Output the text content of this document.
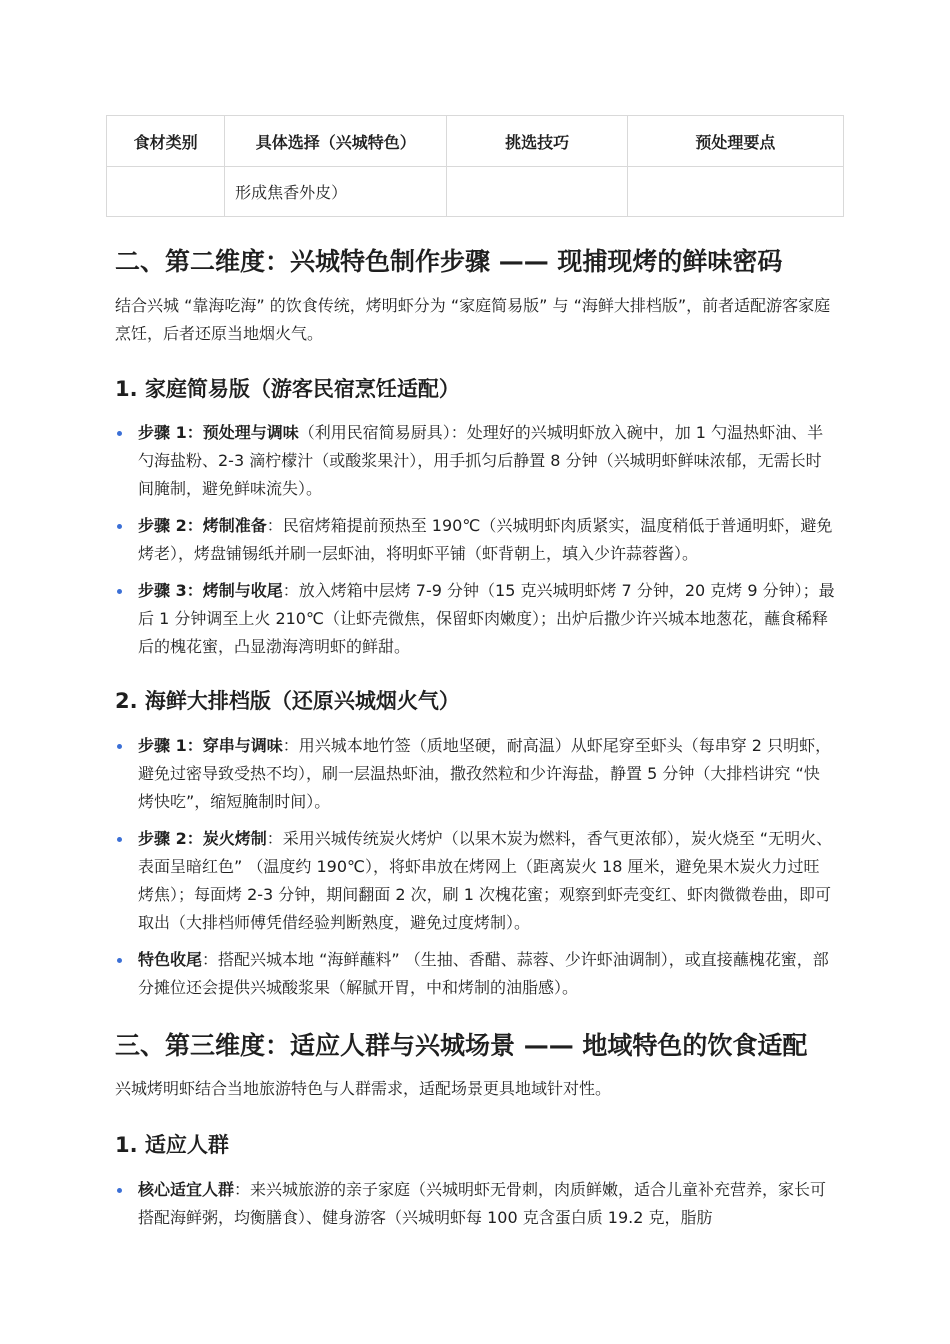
食材类别	具体选择（兴城特色）	挑选技巧	预处理要点
	形成焦香外皮）		
二、第二维度：兴城特色制作步骤 —— 现捕现烤的鲜味密码
结合兴城 “靠海吃海” 的饮食传统，烤明虾分为 “家庭简易版” 与 “海鲜大排档版”，前者适配游客家庭烹饪，后者还原当地烟火气。
1. 家庭简易版（游客民宿烹饪适配）
步骤 1：预处理与调味（利用民宿简易厨具）：处理好的兴城明虾放入碗中，加 1 勺温热虾油、半勺海盐粉、2-3 滴柠檬汁（或酸浆果汁），用手抓匀后静置 8 分钟（兴城明虾鲜味浓郁，无需长时间腌制，避免鲜味流失）。
步骤 2：烤制准备：民宿烤箱提前预热至 190℃（兴城明虾肉质紧实，温度稍低于普通明虾，避免烤老），烤盘铺锡纸并刷一层虾油，将明虾平铺（虾背朝上，填入少许蒜蓉酱）。
步骤 3：烤制与收尾：放入烤箱中层烤 7-9 分钟（15 克兴城明虾烤 7 分钟，20 克烤 9 分钟）；最后 1 分钟调至上火 210℃（让虾壳微焦，保留虾肉嫩度）；出炉后撒少许兴城本地葱花，蘸食稀释后的槐花蜜，凸显渤海湾明虾的鲜甜。
2. 海鲜大排档版（还原兴城烟火气）
步骤 1：穿串与调味：用兴城本地竹签（质地坚硬，耐高温）从虾尾穿至虾头（每串穿 2 只明虾，避免过密导致受热不均），刷一层温热虾油，撒孜然粒和少许海盐，静置 5 分钟（大排档讲究 “快烤快吃”，缩短腌制时间）。
步骤 2：炭火烤制：采用兴城传统炭火烤炉（以果木炭为燃料，香气更浓郁），炭火烧至 “无明火、表面呈暗红色” （温度约 190℃），将虾串放在烤网上（距离炭火 18 厘米，避免果木炭火力过旺烤焦）；每面烤 2-3 分钟，期间翻面 2 次，刷 1 次槐花蜜；观察到虾壳变红、虾肉微微卷曲，即可取出（大排档师傅凭借经验判断熟度，避免过度烤制）。
特色收尾：搭配兴城本地 “海鲜蘸料” （生抽、香醋、蒜蓉、少许虾油调制），或直接蘸槐花蜜，部分摊位还会提供兴城酸浆果（解腻开胃，中和烤制的油脂感）。
三、第三维度：适应人群与兴城场景 —— 地域特色的饮食适配
兴城烤明虾结合当地旅游特色与人群需求，适配场景更具地域针对性。
1. 适应人群
核心适宜人群：来兴城旅游的亲子家庭（兴城明虾无骨刺，肉质鲜嫩，适合儿童补充营养，家长可搭配海鲜粥，均衡膳食）、健身游客（兴城明虾每 100 克含蛋白质 19.2 克，脂肪
